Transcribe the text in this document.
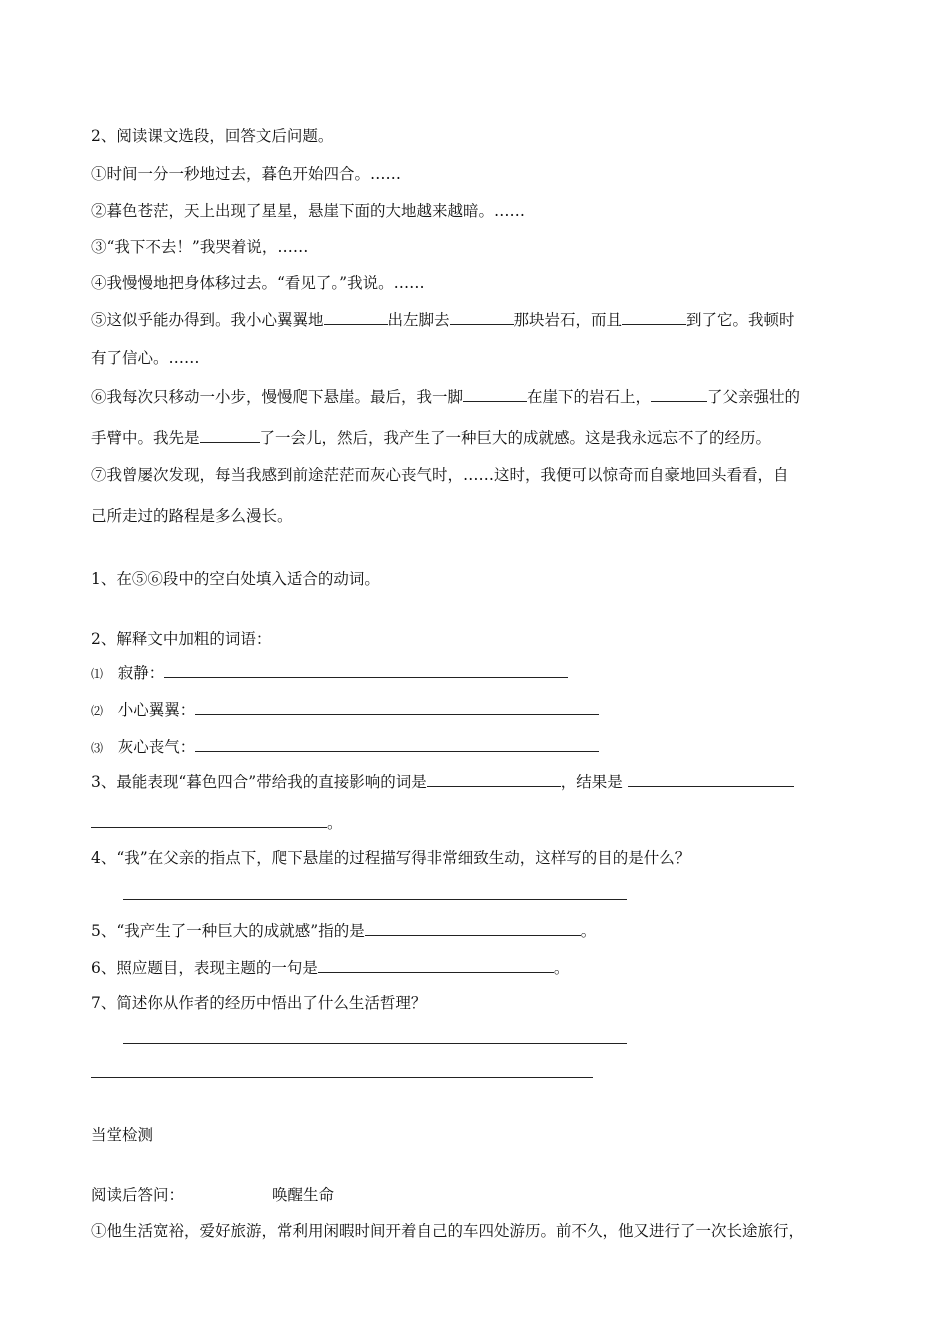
2、阅读课文选段，回答文后问题。
①时间一分一秒地过去，暮色开始四合。……
②暮色苍茫，天上出现了星星，悬崖下面的大地越来越暗。……
③“我下不去！”我哭着说，……
④我慢慢地把身体移过去。“看见了。”我说。……
⑤这似乎能办得到。我小心翼翼地	出左脚去	那块岩石，而且	到了它。我顿时
有了信心。……
⑥我每次只移动一小步，慢慢爬下悬崖。最后，我一脚	在崖下的岩石上，	了父亲强壮的
手臂中。我先是	了一会儿，然后，我产生了一种巨大的成就感。这是我永远忘不了的经历。
⑦我曾屡次发现，每当我感到前途茫茫而灰心丧气时，……这时，我便可以惊奇而自豪地回头看看，自
己所走过的路程是多么漫长。
1、在⑤⑥段中的空白处填入适合的动词。
2、解释文中加粗的词语：
⑴ 寂静：
⑵ 小心翼翼：
⑶ 灰心丧气：
3、最能表现“暮色四合”带给我的直接影响的词是	，结果是
。
4、“我”在父亲的指点下，爬下悬崖的过程描写得非常细致生动，这样写的目的是什么？
5、“我产生了一种巨大的成就感”指的是	。
6、照应题目，表现主题的一句是	。
7、简述你从作者的经历中悟出了什么生活哲理？
当堂检测
阅读后答问：	唤醒生命
①他生活宽裕，爱好旅游，常利用闲暇时间开着自己的车四处游历。前不久，他又进行了一次长途旅行，
